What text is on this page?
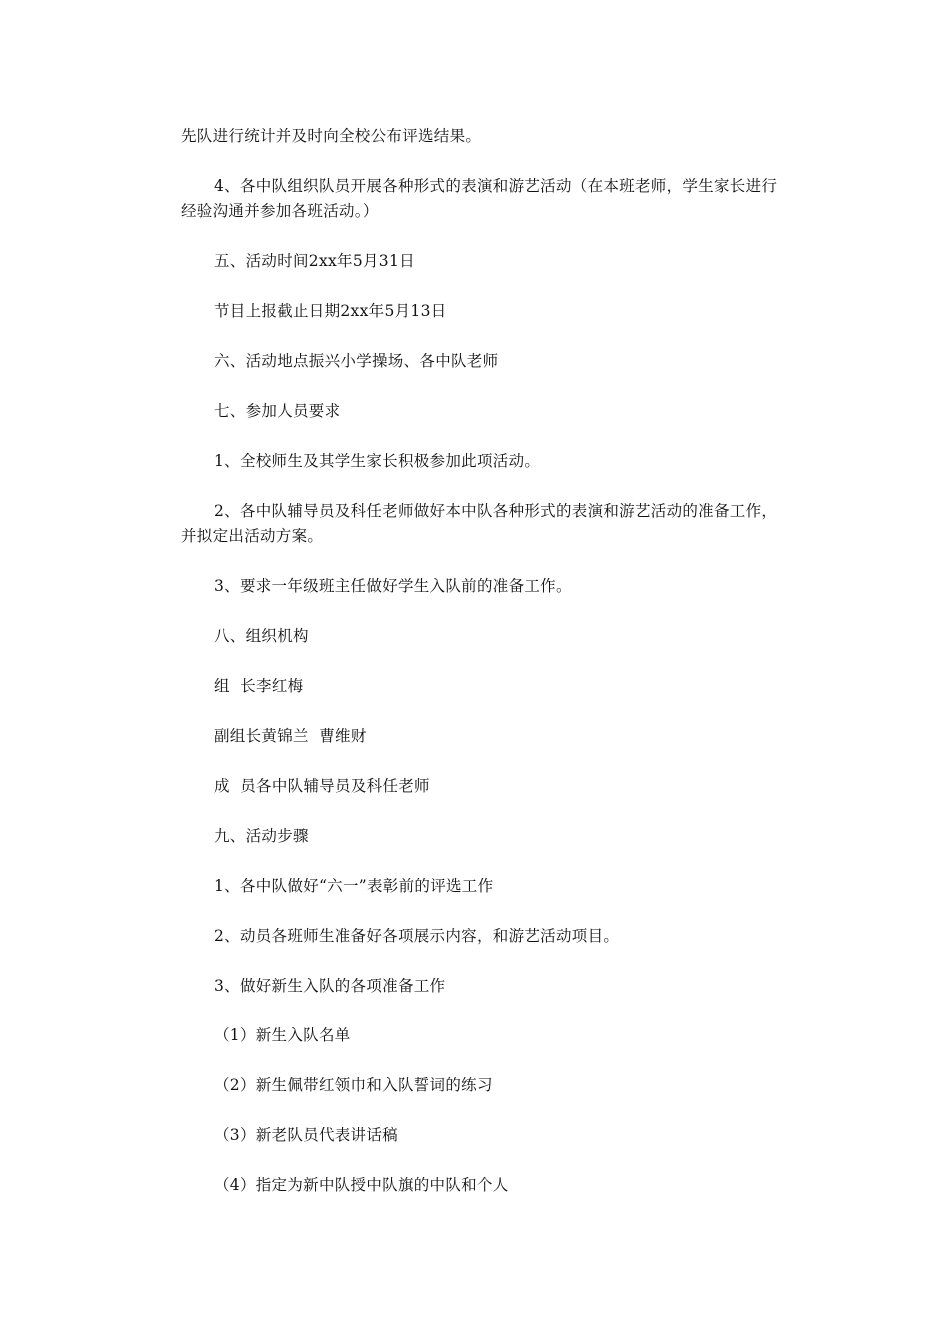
先队进行统计并及时向全校公布评选结果。

4、各中队组织队员开展各种形式的表演和游艺活动（在本班老师，学生家长进行经验沟通并参加各班活动。）

五、活动时间2xx年5月31日

节目上报截止日期2xx年5月13日

六、活动地点振兴小学操场、各中队老师

七、参加人员要求

1、全校师生及其学生家长积极参加此项活动。

2、各中队辅导员及科任老师做好本中队各种形式的表演和游艺活动的准备工作，并拟定出活动方案。

3、要求一年级班主任做好学生入队前的准备工作。

八、组织机构

组  长李红梅

副组长黄锦兰  曹维财

成  员各中队辅导员及科任老师

九、活动步骤

1、各中队做好“六一”表彰前的评选工作

2、动员各班师生准备好各项展示内容，和游艺活动项目。

3、做好新生入队的各项准备工作

（1）新生入队名单

（2）新生佩带红领巾和入队誓词的练习

（3）新老队员代表讲话稿

（4）指定为新中队授中队旗的中队和个人
